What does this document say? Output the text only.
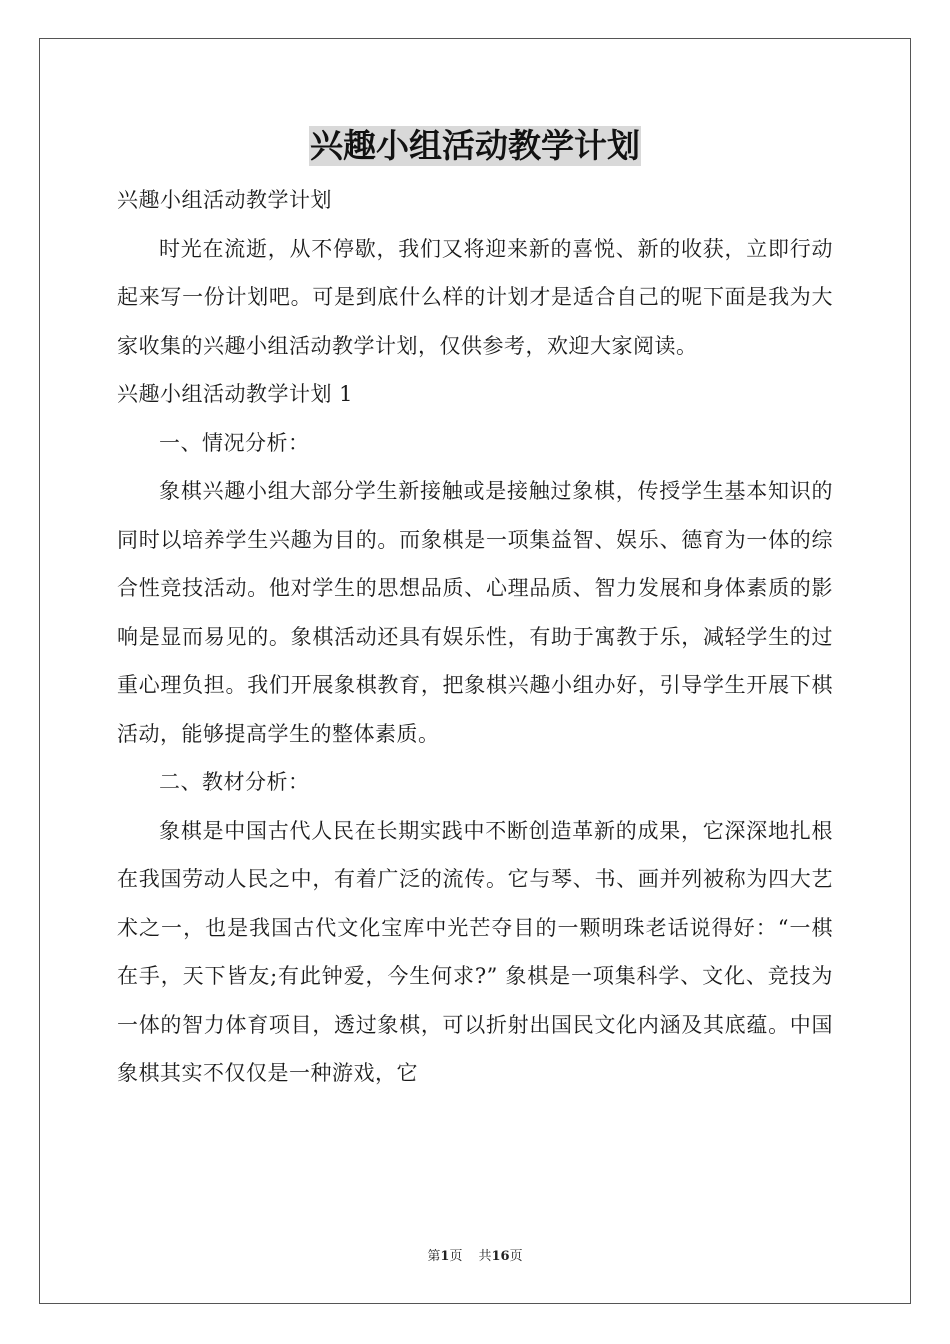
兴趣小组活动教学计划

兴趣小组活动教学计划

时光在流逝，从不停歇，我们又将迎来新的喜悦、新的收获，立即行动起来写一份计划吧。可是到底什么样的计划才是适合自己的呢下面是我为大家收集的兴趣小组活动教学计划，仅供参考，欢迎大家阅读。

兴趣小组活动教学计划 1

一、情况分析：

象棋兴趣小组大部分学生新接触或是接触过象棋，传授学生基本知识的同时以培养学生兴趣为目的。而象棋是一项集益智、娱乐、德育为一体的综合性竞技活动。他对学生的思想品质、心理品质、智力发展和身体素质的影响是显而易见的。象棋活动还具有娱乐性，有助于寓教于乐，减轻学生的过重心理负担。我们开展象棋教育，把象棋兴趣小组办好，引导学生开展下棋活动，能够提高学生的整体素质。

二、教材分析：

象棋是中国古代人民在长期实践中不断创造革新的成果，它深深地扎根在我国劳动人民之中，有着广泛的流传。它与琴、书、画并列被称为四大艺术之一，也是我国古代文化宝库中光芒夺目的一颗明珠老话说得好：“一棋在手，天下皆友;有此钟爱，今生何求?” 象棋是一项集科学、文化、竞技为一体的智力体育项目，透过象棋，可以折射出国民文化内涵及其底蕴。中国象棋其实不仅仅是一种游戏，它

第1页 共16页
